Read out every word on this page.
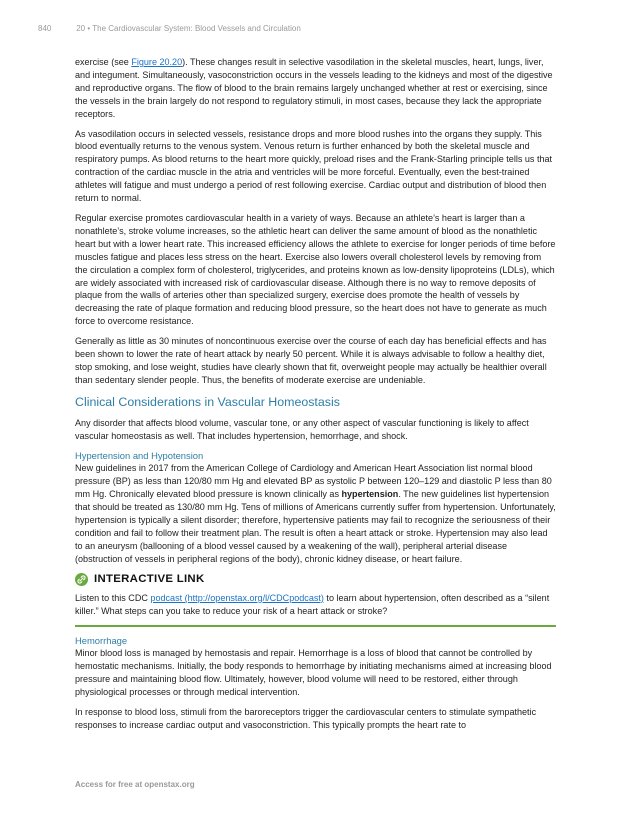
840	20 • The Cardiovascular System: Blood Vessels and Circulation

exercise (see Figure 20.20). These changes result in selective vasodilation in the skeletal muscles, heart, lungs, liver, and integument. Simultaneously, vasoconstriction occurs in the vessels leading to the kidneys and most of the digestive and reproductive organs. The flow of blood to the brain remains largely unchanged whether at rest or exercising, since the vessels in the brain largely do not respond to regulatory stimuli, in most cases, because they lack the appropriate receptors.

As vasodilation occurs in selected vessels, resistance drops and more blood rushes into the organs they supply. This blood eventually returns to the venous system. Venous return is further enhanced by both the skeletal muscle and respiratory pumps. As blood returns to the heart more quickly, preload rises and the Frank-Starling principle tells us that contraction of the cardiac muscle in the atria and ventricles will be more forceful. Eventually, even the best-trained athletes will fatigue and must undergo a period of rest following exercise. Cardiac output and distribution of blood then return to normal.

Regular exercise promotes cardiovascular health in a variety of ways. Because an athlete’s heart is larger than a nonathlete’s, stroke volume increases, so the athletic heart can deliver the same amount of blood as the nonathletic heart but with a lower heart rate. This increased efficiency allows the athlete to exercise for longer periods of time before muscles fatigue and places less stress on the heart. Exercise also lowers overall cholesterol levels by removing from the circulation a complex form of cholesterol, triglycerides, and proteins known as low-density lipoproteins (LDLs), which are widely associated with increased risk of cardiovascular disease. Although there is no way to remove deposits of plaque from the walls of arteries other than specialized surgery, exercise does promote the health of vessels by decreasing the rate of plaque formation and reducing blood pressure, so the heart does not have to generate as much force to overcome resistance.

Generally as little as 30 minutes of noncontinuous exercise over the course of each day has beneficial effects and has been shown to lower the rate of heart attack by nearly 50 percent. While it is always advisable to follow a healthy diet, stop smoking, and lose weight, studies have clearly shown that fit, overweight people may actually be healthier overall than sedentary slender people. Thus, the benefits of moderate exercise are undeniable.

Clinical Considerations in Vascular Homeostasis

Any disorder that affects blood volume, vascular tone, or any other aspect of vascular functioning is likely to affect vascular homeostasis as well. That includes hypertension, hemorrhage, and shock.

Hypertension and Hypotension

New guidelines in 2017 from the American College of Cardiology and American Heart Association list normal blood pressure (BP) as less than 120/80 mm Hg and elevated BP as systolic P between 120–129 and diastolic P less than 80 mm Hg. Chronically elevated blood pressure is known clinically as hypertension. The new guidelines list hypertension that should be treated as 130/80 mm Hg. Tens of millions of Americans currently suffer from hypertension. Unfortunately, hypertension is typically a silent disorder; therefore, hypertensive patients may fail to recognize the seriousness of their condition and fail to follow their treatment plan. The result is often a heart attack or stroke. Hypertension may also lead to an aneurysm (ballooning of a blood vessel caused by a weakening of the wall), peripheral arterial disease (obstruction of vessels in peripheral regions of the body), chronic kidney disease, or heart failure.

INTERACTIVE LINK

Listen to this CDC podcast (http://openstax.org/l/CDCpodcast) to learn about hypertension, often described as a “silent killer.” What steps can you take to reduce your risk of a heart attack or stroke?

Hemorrhage

Minor blood loss is managed by hemostasis and repair. Hemorrhage is a loss of blood that cannot be controlled by hemostatic mechanisms. Initially, the body responds to hemorrhage by initiating mechanisms aimed at increasing blood pressure and maintaining blood flow. Ultimately, however, blood volume will need to be restored, either through physiological processes or through medical intervention.

In response to blood loss, stimuli from the baroreceptors trigger the cardiovascular centers to stimulate sympathetic responses to increase cardiac output and vasoconstriction. This typically prompts the heart rate to

Access for free at openstax.org
